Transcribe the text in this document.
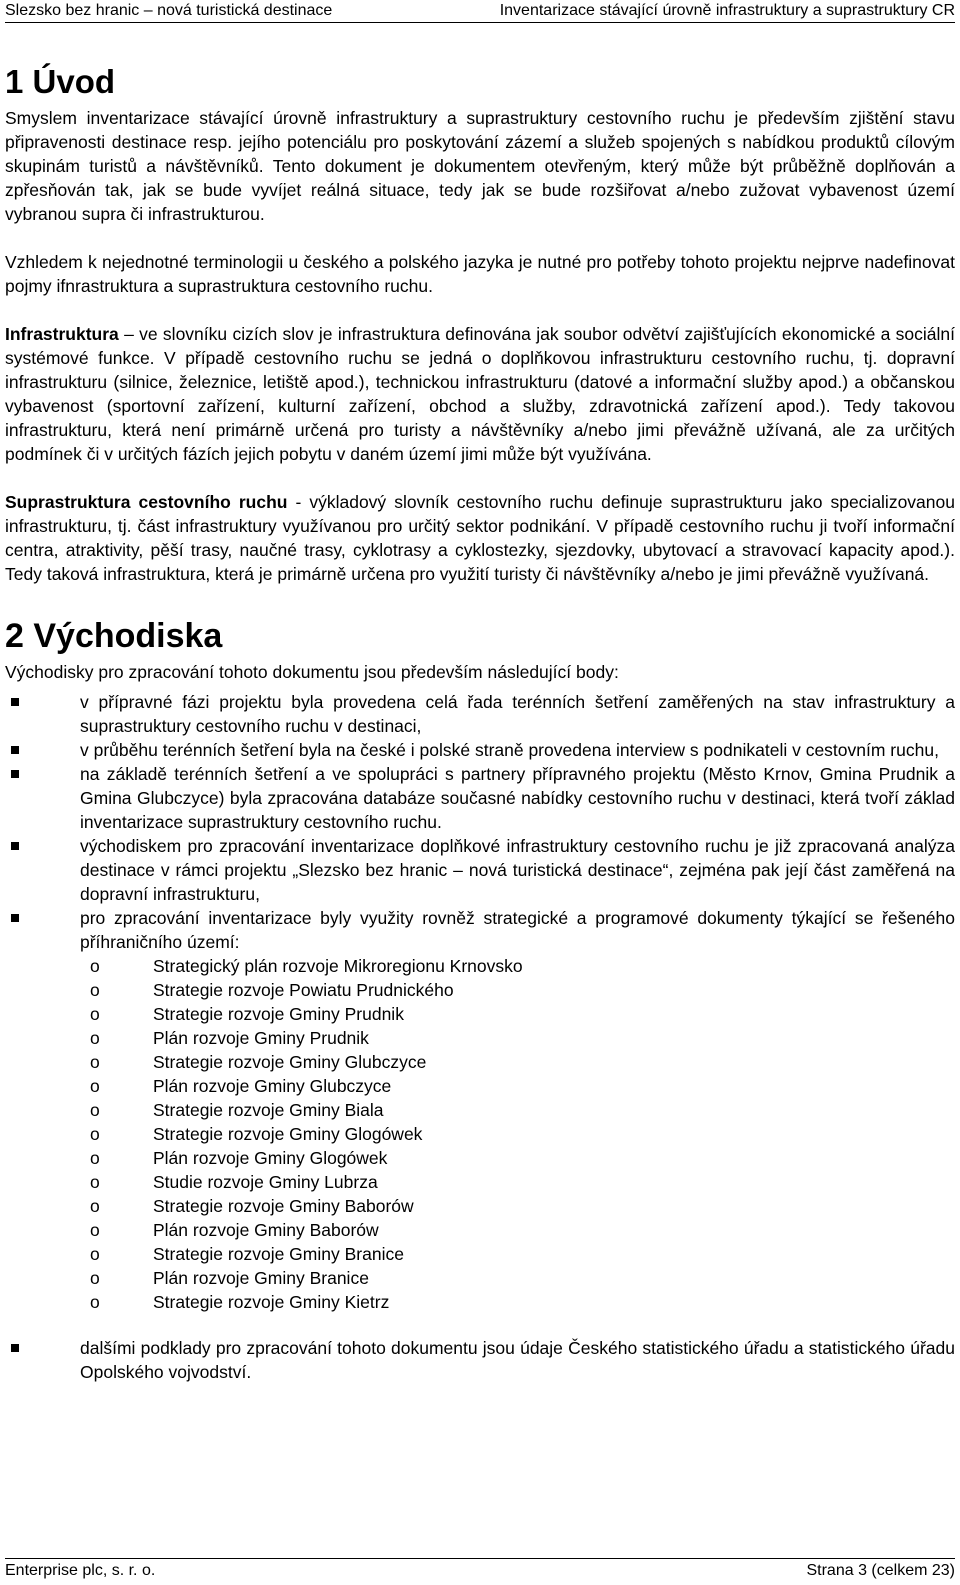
Slezsko bez hranic – nová turistická destinace	Inventarizace stávající úrovně infrastruktury a suprastruktury CR
1 Úvod

Smyslem inventarizace stávající úrovně infrastruktury a suprastruktury cestovního ruchu je především zjištění stavu připravenosti destinace resp. jejího potenciálu pro poskytování zázemí a služeb spojených s nabídkou produktů cílovým skupinám turistů a návštěvníků. Tento dokument je dokumentem otevřeným, který může být průběžně doplňován a zpřesňován tak, jak se bude vyvíjet reálná situace, tedy jak se bude rozšiřovat a/nebo zužovat vybavenost území vybranou supra či infrastrukturou.

Vzhledem k nejednotné terminologii u českého a polského jazyka je nutné pro potřeby tohoto projektu nejprve nadefinovat pojmy ifnrastruktura a suprastruktura cestovního ruchu.

Infrastruktura – ve slovníku cizích slov je infrastruktura definována jak soubor odvětví zajišťujících ekonomické a sociální systémové funkce. V případě cestovního ruchu se jedná o doplňkovou infrastrukturu cestovního ruchu, tj. dopravní infrastrukturu (silnice, železnice, letiště apod.), technickou infrastrukturu (datové a informační služby apod.) a občanskou vybavenost (sportovní zařízení, kulturní zařízení, obchod a služby, zdravotnická zařízení apod.). Tedy takovou infrastrukturu, která není primárně určená pro turisty a návštěvníky a/nebo jimi převážně užívaná, ale za určitých podmínek či v určitých fázích jejich pobytu v daném území jimi může být využívána.

Suprastruktura cestovního ruchu - výkladový slovník cestovního ruchu definuje suprastrukturu jako specializovanou infrastrukturu, tj. část infrastruktury využívanou pro určitý sektor podnikání. V případě cestovního ruchu ji tvoří informační centra, atraktivity, pěší trasy, naučné trasy, cyklotrasy a cyklostezky, sjezdovky, ubytovací a stravovací kapacity apod.). Tedy taková infrastruktura, která je primárně určena pro využití turisty či návštěvníky a/nebo je jimi převážně využívaná.

2 Východiska

Východisky pro zpracování tohoto dokumentu jsou především následující body:

v přípravné fázi projektu byla provedena celá řada terénních šetření zaměřených na stav infrastruktury a suprastruktury cestovního ruchu v destinaci,
v průběhu terénních šetření byla na české i polské straně provedena interview s podnikateli v cestovním ruchu,
na základě terénních šetření a ve spolupráci s partnery přípravného projektu (Město Krnov, Gmina Prudnik a Gmina Glubczyce) byla zpracována databáze současné nabídky cestovního ruchu v destinaci, která tvoří základ inventarizace suprastruktury cestovního ruchu.
východiskem pro zpracování inventarizace doplňkové infrastruktury cestovního ruchu je již zpracovaná analýza destinace v rámci projektu „Slezsko bez hranic – nová turistická destinace“, zejména pak její část zaměřená na dopravní infrastrukturu,
pro zpracování inventarizace byly využity rovněž strategické a programové dokumenty týkající se řešeného příhraničního území:
o	Strategický plán rozvoje Mikroregionu Krnovsko
o	Strategie rozvoje Powiatu Prudnického
o	Strategie rozvoje Gminy Prudnik
o	Plán rozvoje Gminy Prudnik
o	Strategie rozvoje Gminy Glubczyce
o	Plán rozvoje Gminy Glubczyce
o	Strategie rozvoje Gminy Biala
o	Strategie rozvoje Gminy Glogówek
o	Plán rozvoje Gminy Glogówek
o	Studie rozvoje Gminy Lubrza
o	Strategie rozvoje Gminy Baborów
o	Plán rozvoje Gminy Baborów
o	Strategie rozvoje Gminy Branice
o	Plán rozvoje Gminy Branice
o	Strategie rozvoje Gminy Kietrz
dalšími podklady pro zpracování tohoto dokumentu jsou údaje Českého statistického úřadu a statistického úřadu Opolského vojvodství.
Enterprise plc, s. r. o.	Strana 3 (celkem 23)
